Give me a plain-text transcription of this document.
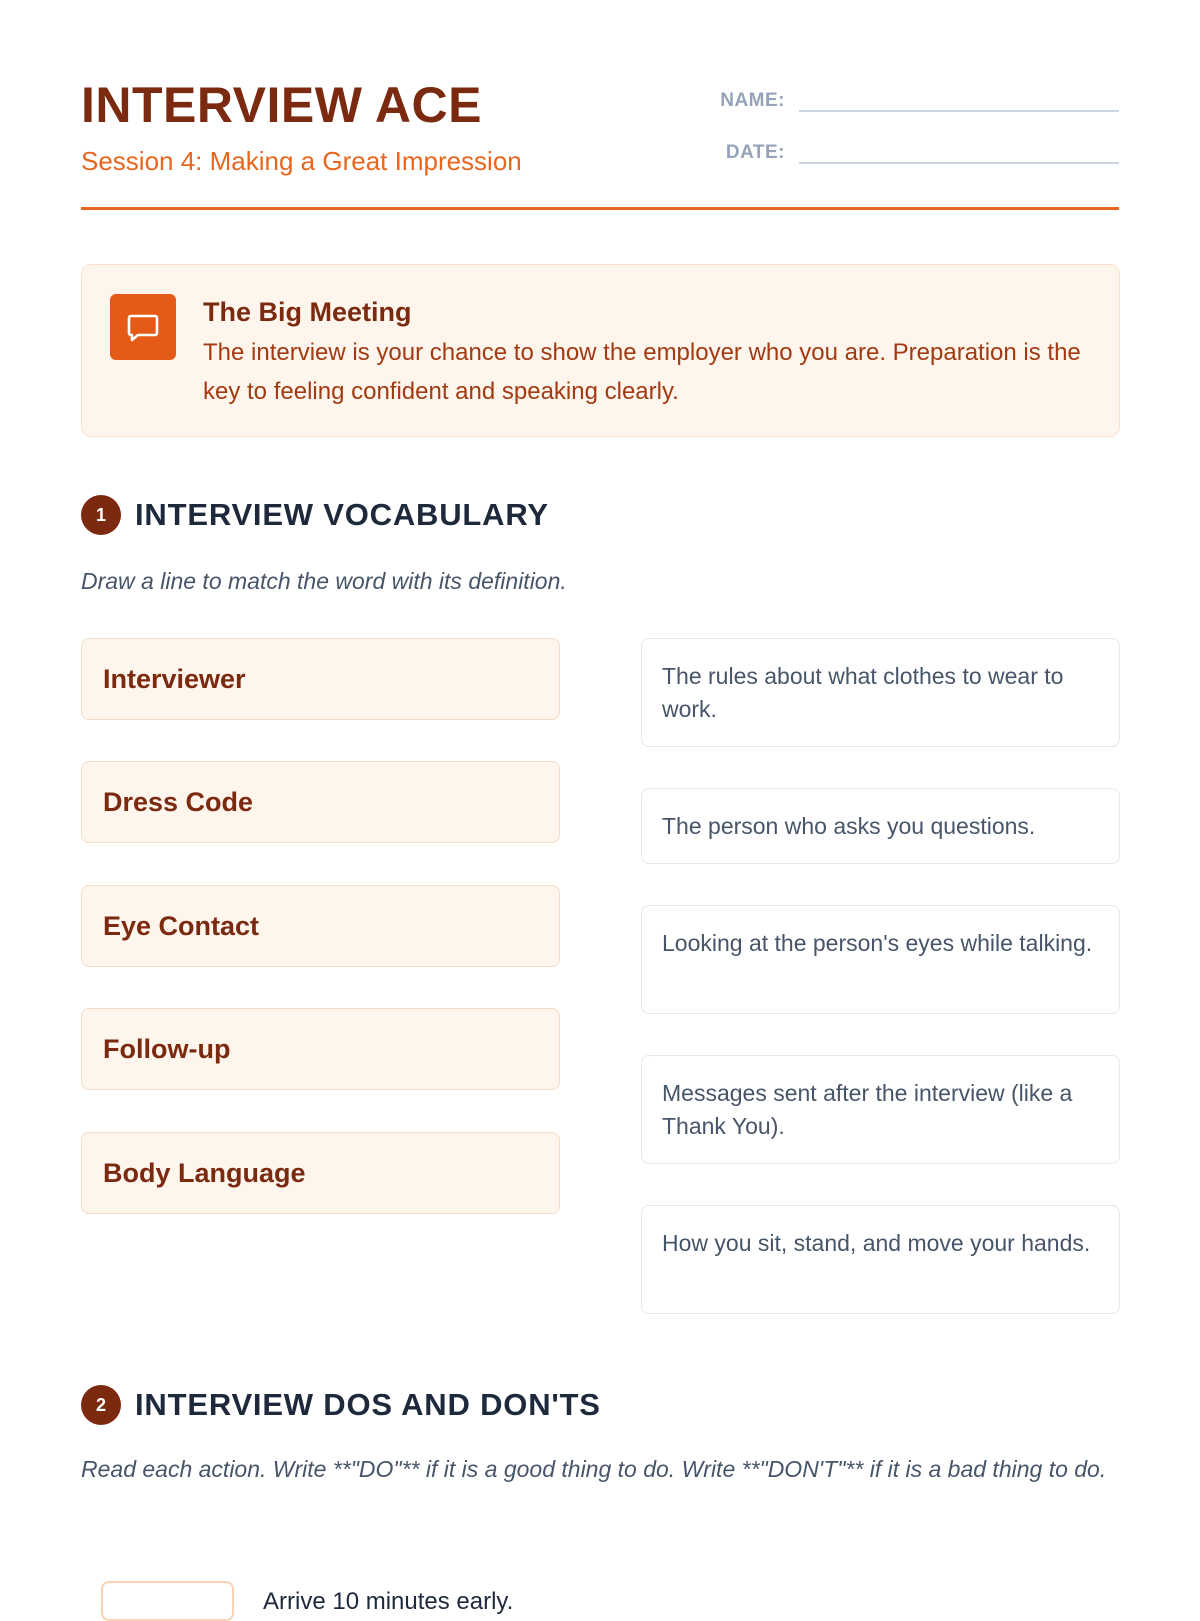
INTERVIEW ACE
Session 4: Making a Great Impression
NAME:
DATE:
The Big Meeting
The interview is your chance to show the employer who you are. Preparation is the key to feeling confident and speaking clearly.
1 INTERVIEW VOCABULARY
Draw a line to match the word with its definition.
Interviewer
Dress Code
Eye Contact
Follow-up
Body Language
The rules about what clothes to wear to work.
The person who asks you questions.
Looking at the person's eyes while talking.
Messages sent after the interview (like a Thank You).
How you sit, stand, and move your hands.
2 INTERVIEW DOS AND DON'TS
Read each action. Write **"DO"** if it is a good thing to do. Write **"DON'T"** if it is a bad thing to do.
Arrive 10 minutes early.
